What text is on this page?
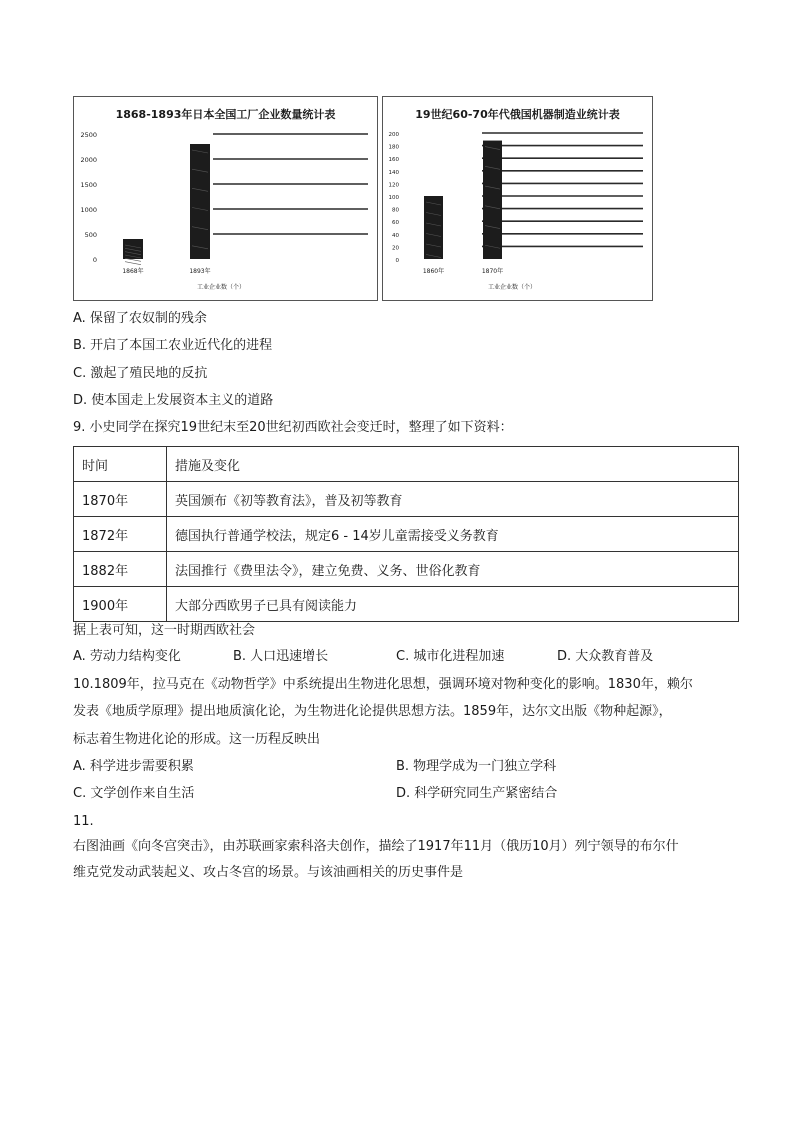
1868-1893年日本全国工厂企业数量统计表
2500
2000
1500
1000
500
0
1868年	1893年
工业企业数（个）
19世纪60-70年代俄国机器制造业统计表
200
180
160
140
120
100
80
60
40
20
0
1860年	1870年
工业企业数（个）
A. 保留了农奴制的残余
B. 开启了本国工农业近代化的进程
C. 激起了殖民地的反抗
D. 使本国走上发展资本主义的道路
9. 小史同学在探究19世纪末至20世纪初西欧社会变迁时，整理了如下资料：
时间	措施及变化
1870年	英国颁布《初等教育法》，普及初等教育
1872年	德国执行普通学校法，规定6 - 14岁儿童需接受义务教育
1882年	法国推行《费里法令》，建立免费、义务、世俗化教育
1900年	大部分西欧男子已具有阅读能力
据上表可知，这一时期西欧社会
A. 劳动力结构变化	B. 人口迅速增长	C. 城市化进程加速	D. 大众教育普及
10.1809年，拉马克在《动物哲学》中系统提出生物进化思想，强调环境对物种变化的影响。1830年，赖尔
发表《地质学原理》提出地质演化论，为生物进化论提供思想方法。1859年，达尔文出版《物种起源》，
标志着生物进化论的形成。这一历程反映出
A. 科学进步需要积累	B. 物理学成为一门独立学科
C. 文学创作来自生活	D. 科学研究同生产紧密结合
11.
右图油画《向冬宫突击》，由苏联画家索科洛夫创作，描绘了1917年11月（俄历10月）列宁领导的布尔什
维克党发动武装起义、攻占冬宫的场景。与该油画相关的历史事件是
